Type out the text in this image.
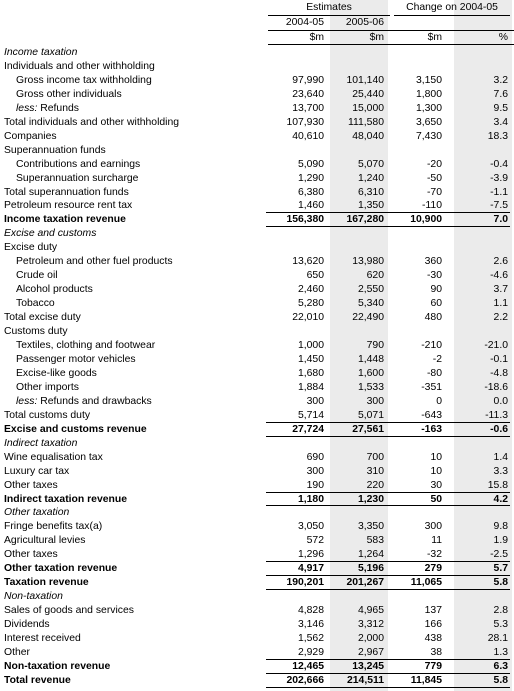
Estimates	Change on 2004-05
2004-05 2005-06
$m	$m	$m	%
Income taxation
Individuals and other withholding
Gross income tax withholding	97,990 101,140	3,150	3.2
Gross other individuals	23,640	25,440	1,800	7.6
less: Refunds	13,700	15,000	1,300	9.5
Total individuals and other withholding	107,930 111,580	3,650	3.4
Companies	40,610	48,040	7,430	18.3
Superannuation funds
Contributions and earnings	5,090	5,070	-20	-0.4
Superannuation surcharge	1,290	1,240	-50	-3.9
Total superannuation funds	6,380	6,310	-70	-1.1
Petroleum resource rent tax	1,460	1,350	-110	-7.5
Income taxation revenue	156,380 167,280	10,900	7.0
Excise and customs
Excise duty
Petroleum and other fuel products	13,620	13,980	360	2.6
Crude oil	650	620	-30	-4.6
Alcohol products	2,460	2,550	90	3.7
Tobacco	5,280	5,340	60	1.1
Total excise duty	22,010	22,490	480	2.2
Customs duty
Textiles, clothing and footwear	1,000	790	-210	-21.0
Passenger motor vehicles	1,450	1,448	-2	-0.1
Excise-like goods	1,680	1,600	-80	-4.8
Other imports	1,884	1,533	-351	-18.6
less: Refunds and drawbacks	300	300	0	0.0
Total customs duty	5,714	5,071	-643	-11.3
Excise and customs revenue	27,724	27,561	-163	-0.6
Indirect taxation
Wine equalisation tax	690	700	10	1.4
Luxury car tax	300	310	10	3.3
Other taxes	190	220	30	15.8
Indirect taxation revenue	1,180	1,230	50	4.2
Other taxation
Fringe benefits tax(a)	3,050	3,350	300	9.8
Agricultural levies	572	583	11	1.9
Other taxes	1,296	1,264	-32	-2.5
Other taxation revenue	4,917	5,196	279	5.7
Taxation revenue	190,201 201,267	11,065	5.8
Non-taxation
Sales of goods and services	4,828	4,965	137	2.8
Dividends	3,146	3,312	166	5.3
Interest received	1,562	2,000	438	28.1
Other	2,929	2,967	38	1.3
Non-taxation revenue	12,465	13,245	779	6.3
Total revenue	202,666 214,511	11,845	5.8
